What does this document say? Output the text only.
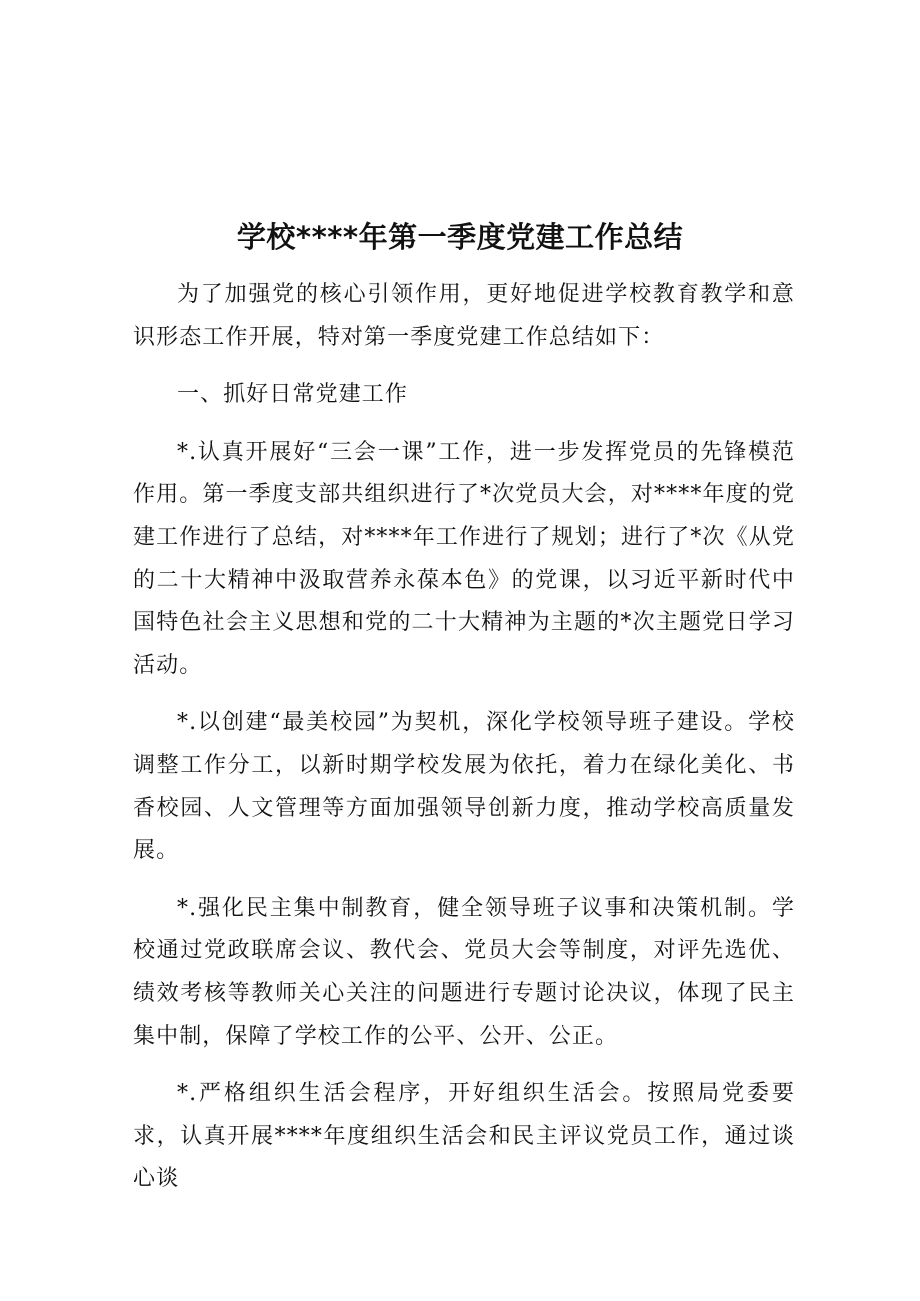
学校****年第一季度党建工作总结

为了加强党的核心引领作用，更好地促进学校教育教学和意识形态工作开展，特对第一季度党建工作总结如下：

一、抓好日常党建工作

*.认真开展好“三会一课”工作，进一步发挥党员的先锋模范作用。第一季度支部共组织进行了*次党员大会，对****年度的党建工作进行了总结，对****年工作进行了规划；进行了*次《从党的二十大精神中汲取营养永葆本色》的党课，以习近平新时代中国特色社会主义思想和党的二十大精神为主题的*次主题党日学习活动。

*.以创建“最美校园”为契机，深化学校领导班子建设。学校调整工作分工，以新时期学校发展为依托，着力在绿化美化、书香校园、人文管理等方面加强领导创新力度，推动学校高质量发展。

*.强化民主集中制教育，健全领导班子议事和决策机制。学校通过党政联席会议、教代会、党员大会等制度，对评先选优、绩效考核等教师关心关注的问题进行专题讨论决议，体现了民主集中制，保障了学校工作的公平、公开、公正。

*.严格组织生活会程序，开好组织生活会。按照局党委要求，认真开展****年度组织生活会和民主评议党员工作，通过谈心谈
